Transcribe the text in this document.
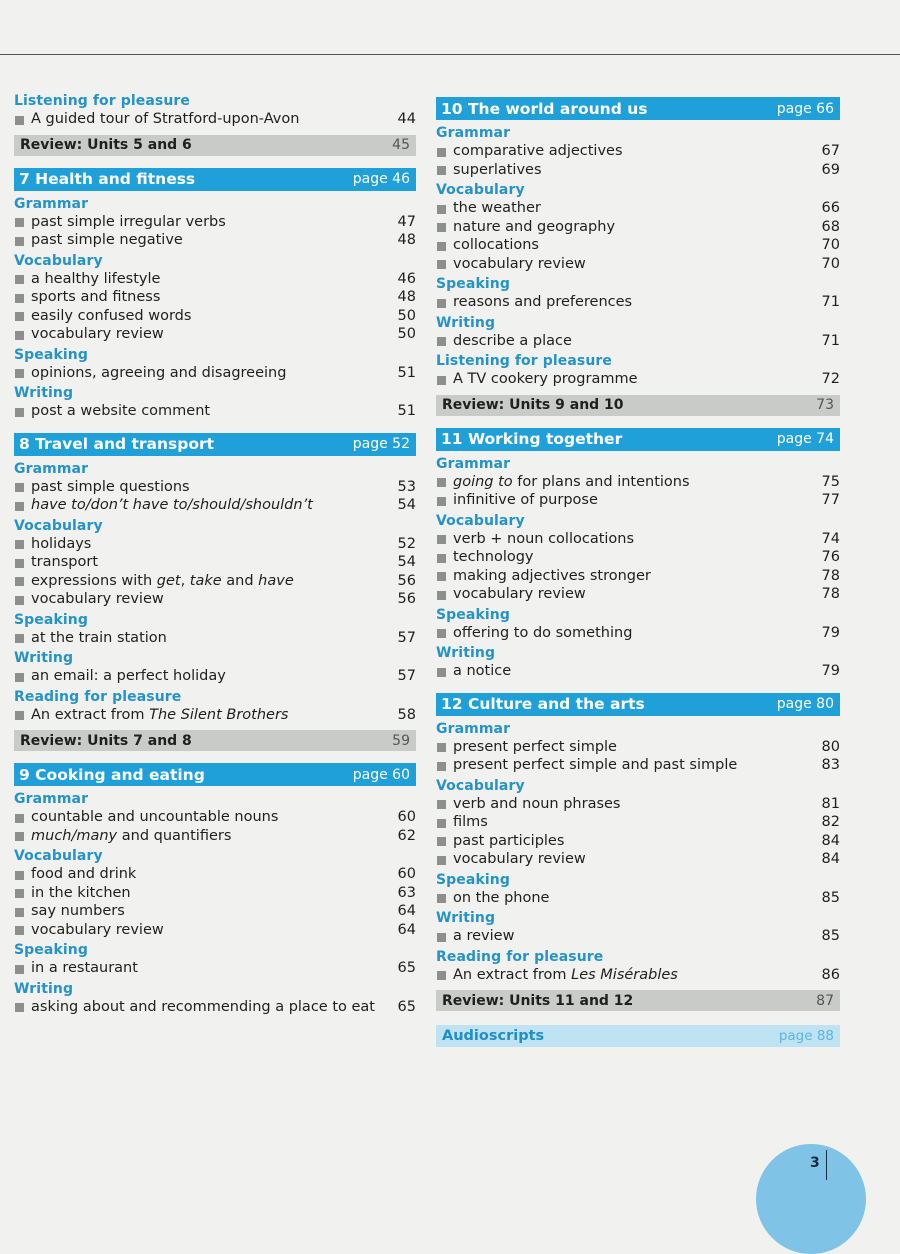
Listening for pleasure
A guided tour of Stratford-upon-Avon	44
Review: Units 5 and 6	45
7 Health and fitness	page 46
Grammar
past simple irregular verbs	47
past simple negative	48
Vocabulary
a healthy lifestyle	46
sports and fitness	48
easily confused words	50
vocabulary review	50
Speaking
opinions, agreeing and disagreeing	51
Writing
post a website comment	51
8 Travel and transport	page 52
Grammar
past simple questions	53
have to/don’t have to/should/shouldn’t	54
Vocabulary
holidays	52
transport	54
expressions with get, take and have	56
vocabulary review	56
Speaking
at the train station	57
Writing
an email: a perfect holiday	57
Reading for pleasure
An extract from The Silent Brothers	58
Review: Units 7 and 8	59
9 Cooking and eating	page 60
Grammar
countable and uncountable nouns	60
much/many and quantifiers	62
Vocabulary
food and drink	60
in the kitchen	63
say numbers	64
vocabulary review	64
Speaking
in a restaurant	65
Writing
asking about and recommending a place to eat	65
10 The world around us	page 66
Grammar
comparative adjectives	67
superlatives	69
Vocabulary
the weather	66
nature and geography	68
collocations	70
vocabulary review	70
Speaking
reasons and preferences	71
Writing
describe a place	71
Listening for pleasure
A TV cookery programme	72
Review: Units 9 and 10	73
11 Working together	page 74
Grammar
going to for plans and intentions	75
infinitive of purpose	77
Vocabulary
verb + noun collocations	74
technology	76
making adjectives stronger	78
vocabulary review	78
Speaking
offering to do something	79
Writing
a notice	79
12 Culture and the arts	page 80
Grammar
present perfect simple	80
present perfect simple and past simple	83
Vocabulary
verb and noun phrases	81
films	82
past participles	84
vocabulary review	84
Speaking
on the phone	85
Writing
a review	85
Reading for pleasure
An extract from Les Misérables	86
Review: Units 11 and 12	87
Audioscripts	page 88
3
